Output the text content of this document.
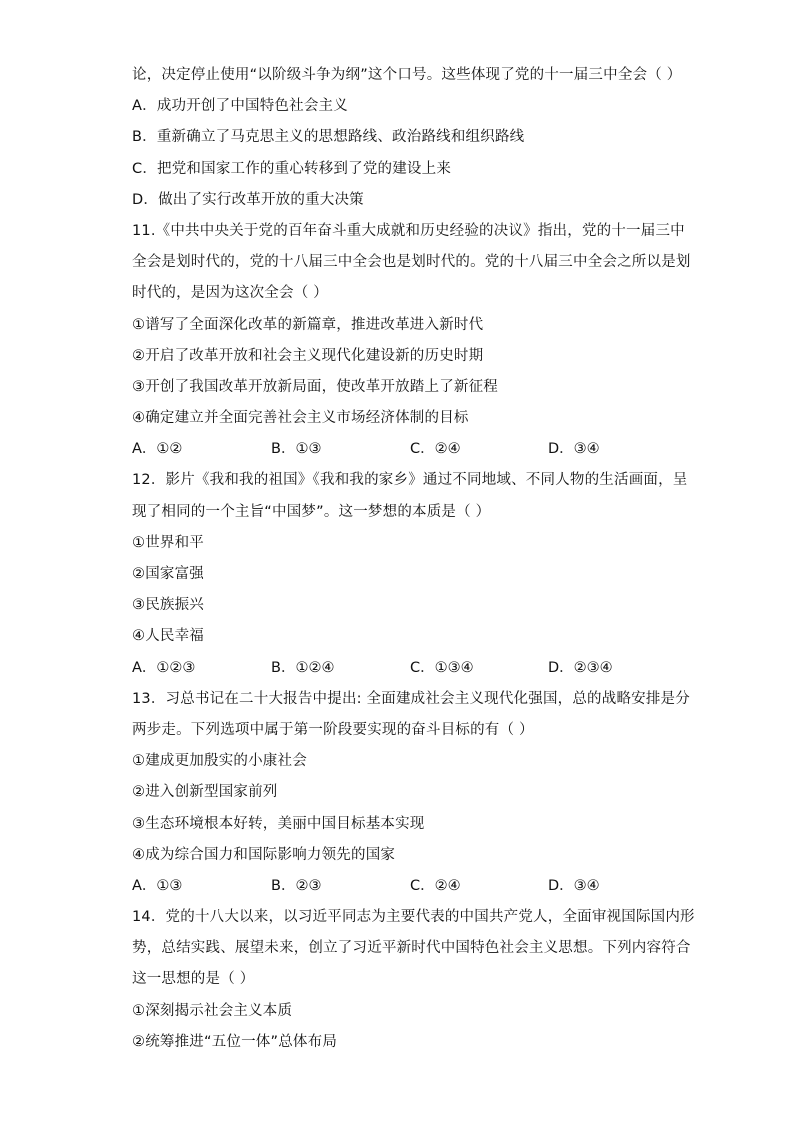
论，决定停止使用“以阶级斗争为纲”这个口号。这些体现了党的十一届三中全会（ ）
A．成功开创了中国特色社会主义
B．重新确立了马克思主义的思想路线、政治路线和组织路线
C．把党和国家工作的重心转移到了党的建设上来
D．做出了实行改革开放的重大决策
11.《中共中央关于党的百年奋斗重大成就和历史经验的决议》指出，党的十一届三中
全会是划时代的，党的十八届三中全会也是划时代的。党的十八届三中全会之所以是划
时代的，是因为这次全会（ ）
①谱写了全面深化改革的新篇章，推进改革进入新时代
②开启了改革开放和社会主义现代化建设新的历史时期
③开创了我国改革开放新局面，使改革开放踏上了新征程
④确定建立并全面完善社会主义市场经济体制的目标
A．①②	B．①③	C．②④	D．③④
12．影片《我和我的祖国》《我和我的家乡》通过不同地域、不同人物的生活画面，呈
现了相同的一个主旨“中国梦”。这一梦想的本质是（ ）
①世界和平
②国家富强
③民族振兴
④人民幸福
A．①②③	B．①②④	C．①③④	D．②③④
13．习总书记在二十大报告中提出: 全面建成社会主义现代化强国，总的战略安排是分
两步走。下列选项中属于第一阶段要实现的奋斗目标的有（ ）
①建成更加殷实的小康社会
②进入创新型国家前列
③生态环境根本好转，美丽中国目标基本实现
④成为综合国力和国际影响力领先的国家
A．①③	B．②③	C．②④	D．③④
14．党的十八大以来，以习近平同志为主要代表的中国共产党人，全面审视国际国内形
势，总结实践、展望未来，创立了习近平新时代中国特色社会主义思想。下列内容符合
这一思想的是（ ）
①深刻揭示社会主义本质
②统筹推进“五位一体”总体布局
